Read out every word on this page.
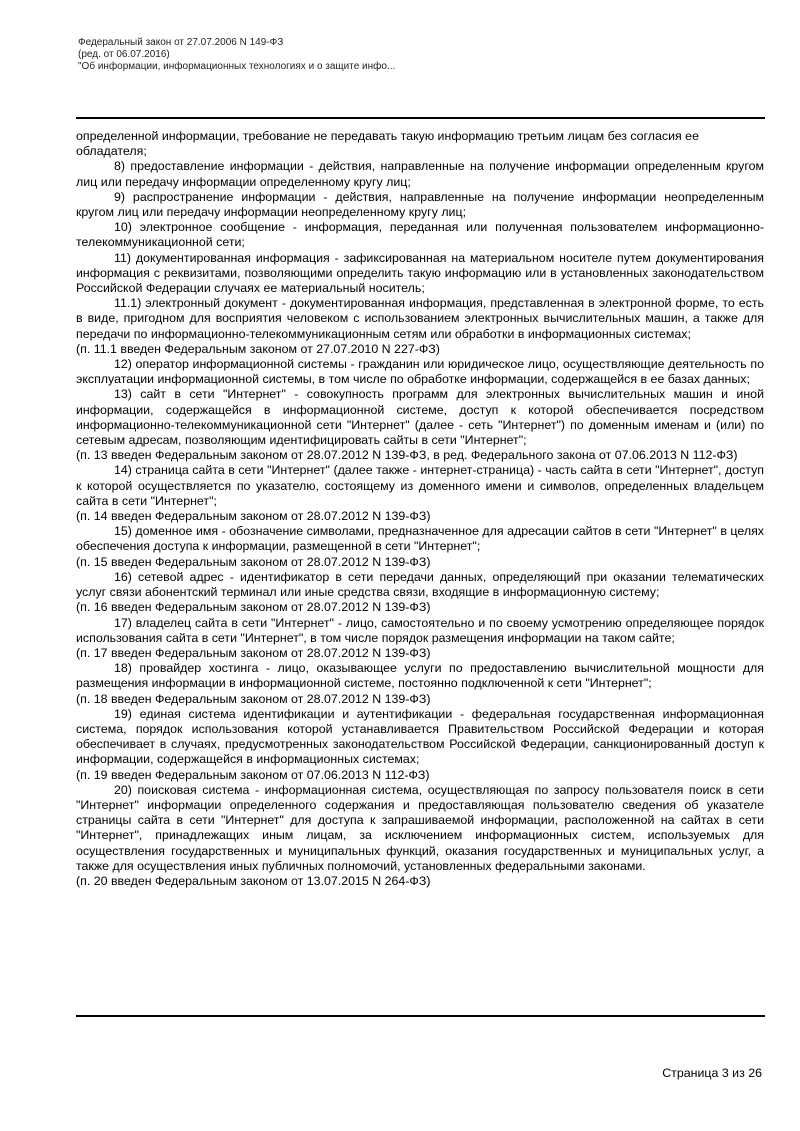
Федеральный закон от 27.07.2006 N 149-ФЗ
(ред. от 06.07.2016)
"Об информации, информационных технологиях и о защите инфо...

определенной информации, требование не передавать такую информацию третьим лицам без согласия ее обладателя;

8) предоставление информации - действия, направленные на получение информации определенным кругом лиц или передачу информации определенному кругу лиц;

9) распространение информации - действия, направленные на получение информации неопределенным кругом лиц или передачу информации неопределенному кругу лиц;

10) электронное сообщение - информация, переданная или полученная пользователем информационно-телекоммуникационной сети;

11) документированная информация - зафиксированная на материальном носителе путем документирования информация с реквизитами, позволяющими определить такую информацию или в установленных законодательством Российской Федерации случаях ее материальный носитель;

11.1) электронный документ - документированная информация, представленная в электронной форме, то есть в виде, пригодном для восприятия человеком с использованием электронных вычислительных машин, а также для передачи по информационно-телекоммуникационным сетям или обработки в информационных системах;

(п. 11.1 введен Федеральным законом от 27.07.2010 N 227-ФЗ)

12) оператор информационной системы - гражданин или юридическое лицо, осуществляющие деятельность по эксплуатации информационной системы, в том числе по обработке информации, содержащейся в ее базах данных;

13) сайт в сети "Интернет" - совокупность программ для электронных вычислительных машин и иной информации, содержащейся в информационной системе, доступ к которой обеспечивается посредством информационно-телекоммуникационной сети "Интернет" (далее - сеть "Интернет") по доменным именам и (или) по сетевым адресам, позволяющим идентифицировать сайты в сети "Интернет";

(п. 13 введен Федеральным законом от 28.07.2012 N 139-ФЗ, в ред. Федерального закона от 07.06.2013 N 112-ФЗ)

14) страница сайта в сети "Интернет" (далее также - интернет-страница) - часть сайта в сети "Интернет", доступ к которой осуществляется по указателю, состоящему из доменного имени и символов, определенных владельцем сайта в сети "Интернет";

(п. 14 введен Федеральным законом от 28.07.2012 N 139-ФЗ)

15) доменное имя - обозначение символами, предназначенное для адресации сайтов в сети "Интернет" в целях обеспечения доступа к информации, размещенной в сети "Интернет";

(п. 15 введен Федеральным законом от 28.07.2012 N 139-ФЗ)

16) сетевой адрес - идентификатор в сети передачи данных, определяющий при оказании телематических услуг связи абонентский терминал или иные средства связи, входящие в информационную систему;

(п. 16 введен Федеральным законом от 28.07.2012 N 139-ФЗ)

17) владелец сайта в сети "Интернет" - лицо, самостоятельно и по своему усмотрению определяющее порядок использования сайта в сети "Интернет", в том числе порядок размещения информации на таком сайте;

(п. 17 введен Федеральным законом от 28.07.2012 N 139-ФЗ)

18) провайдер хостинга - лицо, оказывающее услуги по предоставлению вычислительной мощности для размещения информации в информационной системе, постоянно подключенной к сети "Интернет";

(п. 18 введен Федеральным законом от 28.07.2012 N 139-ФЗ)

19) единая система идентификации и аутентификации - федеральная государственная информационная система, порядок использования которой устанавливается Правительством Российской Федерации и которая обеспечивает в случаях, предусмотренных законодательством Российской Федерации, санкционированный доступ к информации, содержащейся в информационных системах;

(п. 19 введен Федеральным законом от 07.06.2013 N 112-ФЗ)

20) поисковая система - информационная система, осуществляющая по запросу пользователя поиск в сети "Интернет" информации определенного содержания и предоставляющая пользователю сведения об указателе страницы сайта в сети "Интернет" для доступа к запрашиваемой информации, расположенной на сайтах в сети "Интернет", принадлежащих иным лицам, за исключением информационных систем, используемых для осуществления государственных и муниципальных функций, оказания государственных и муниципальных услуг, а также для осуществления иных публичных полномочий, установленных федеральными законами.

(п. 20 введен Федеральным законом от 13.07.2015 N 264-ФЗ)

Страница 3 из 26
